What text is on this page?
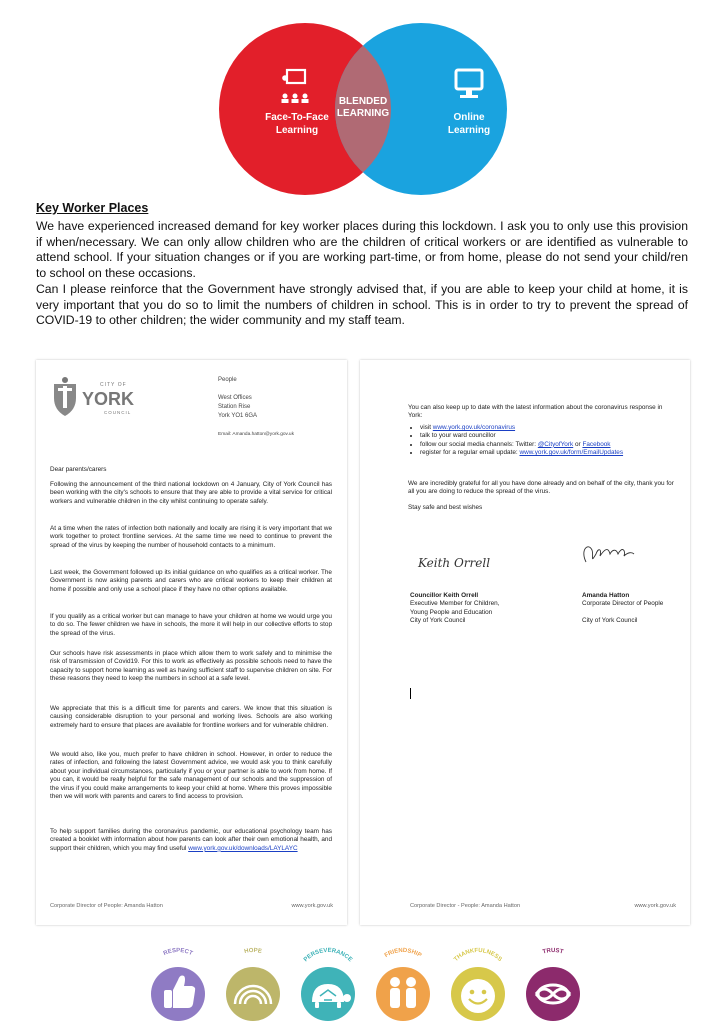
Face-To-Face
Learning
BLENDED
LEARNING	Online
Learning
Key Worker Places
We have experienced increased demand for key worker places during this lockdown. I ask you to only use this provision if when/necessary. We can only allow children who are the children of critical workers or are identified as vulnerable to attend school. If your situation changes or if you are working part-time, or from home, please do not send your child/ren to school on these occasions.
Can I please reinforce that the Government have strongly advised that, if you are able to keep your child at home, it is very important that you do so to limit the numbers of children in school. This is in order to try to prevent the spread of COVID-19 to other children; the wider community and my staff team.
CITY OF
YORK
COUNCIL
People

West Offices
Station Rise
York YO1 6GA

Email: Amanda.hatton@york.gov.uk
Dear parents/carers
Following the announcement of the third national lockdown on 4 January, City of York Council has been working with the city's schools to ensure that they are able to provide a vital service for critical workers and vulnerable children in the city whilst continuing to operate safely.
At a time when the rates of infection both nationally and locally are rising it is very important that we work together to protect frontline services. At the same time we need to continue to prevent the spread of the virus by keeping the number of household contacts to a minimum.
Last week, the Government followed up its initial guidance on who qualifies as a critical worker. The Government is now asking parents and carers who are critical workers to keep their children at home if possible and only use a school place if they have no other options available.
If you qualify as a critical worker but can manage to have your children at home we would urge you to do so. The fewer children we have in schools, the more it will help in our collective efforts to stop the spread of the virus.
Our schools have risk assessments in place which allow them to work safely and to minimise the risk of transmission of Covid19. For this to work as effectively as possible schools need to have the capacity to support home learning as well as having sufficient staff to supervise children on site. For these reasons they need to keep the numbers in school at a safe level.
We appreciate that this is a difficult time for parents and carers. We know that this situation is causing considerable disruption to your personal and working lives. Schools are also working extremely hard to ensure that places are available for frontline workers and for vulnerable children.
We would also, like you, much prefer to have children in school. However, in order to reduce the rates of infection, and following the latest Government advice, we would ask you to think carefully about your individual circumstances, particularly if you or your partner is able to work from home. If you can, it would be really helpful for the safe management of our schools and the suppression of the virus if you could make arrangements to keep your child at home. Where this proves impossible then we will work with parents and carers to find access to provision.
To help support families during the coronavirus pandemic, our educational psychology team has created a booklet with information about how parents can look after their own emotional health, and support their children, which you may find useful www.york.gov.uk/downloads/LAYLAYC
Corporate Director of People: Amanda Hatton	www.york.gov.uk
You can also keep up to date with the latest information about the coronavirus response in York:
• visit www.york.gov.uk/coronavirus
• talk to your ward councillor
• follow our social media channels: Twitter: @CityofYork or Facebook
• register for a regular email update: www.york.gov.uk/form/EmailUpdates
We are incredibly grateful for all you have done already and on behalf of the city, thank you for all you are doing to reduce the spread of the virus.
Stay safe and best wishes
Keith Orrell
Councillor Keith Orrell
Executive Member for Children,
Young People and Education
City of York Council
Amanda Hatton
Corporate Director of People

City of York Council
Corporate Director - People: Amanda Hatton	www.york.gov.uk
RESPECT	HOPE
PERSEVERANCE
FRIENDSHIP
THANKFULNESS
TRUST
